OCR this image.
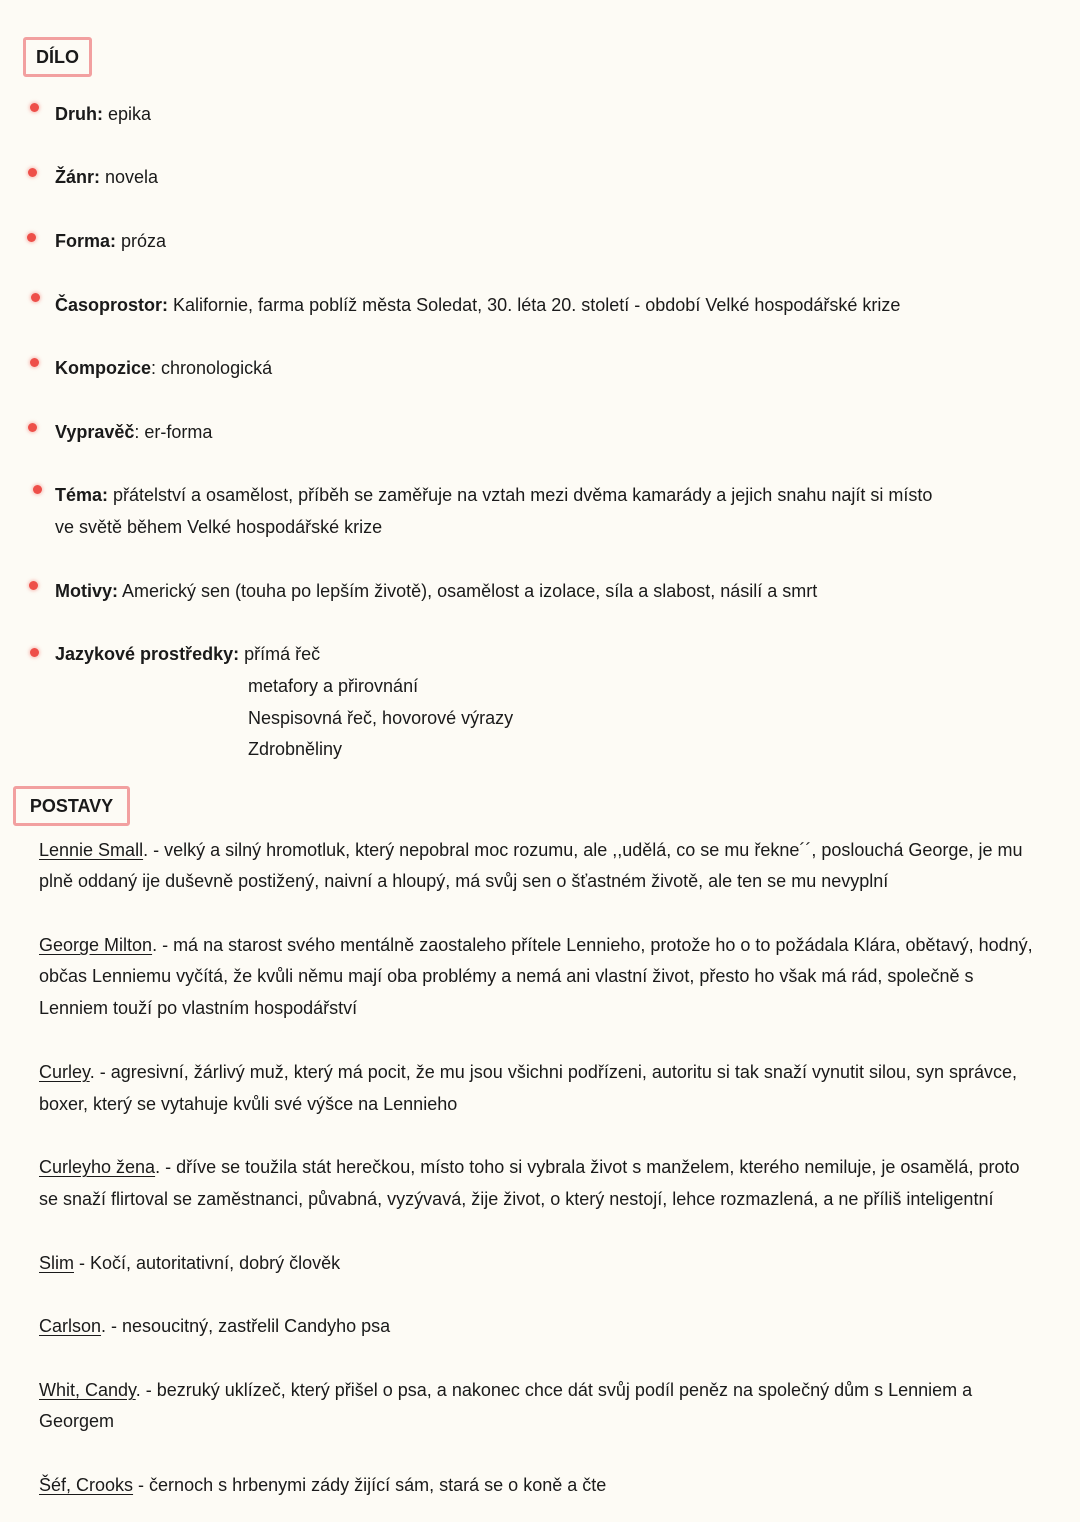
DÍLO
Druh: epika
Žánr: novela
Forma: próza
Časoprostor: Kalifornie, farma poblíž města Soledat, 30. léta 20. století - období Velké hospodářské krize
Kompozice: chronologická
Vypravěč: er-forma
Téma: přátelství a osamělost, příběh se zaměřuje na vztah mezi dvěma kamarády a jejich snahu najít si místo
ve světě během Velké hospodářské krize
Motivy: Americký sen (touha po lepším životě), osamělost a izolace, síla a slabost, násilí a smrt
Jazykové prostředky: přímá řeč
metafory a přirovnání
Nespisovná řeč, hovorové výrazy
Zdrobněliny
POSTAVY
Lennie Small. - velký a silný hromotluk, který nepobral moc rozumu, ale ,,udělá, co se mu řekne´´, poslouchá George, je mu
plně oddaný ije duševně postižený, naivní a hloupý, má svůj sen o šťastném životě, ale ten se mu nevyplní
George Milton. - má na starost svého mentálně zaostaleho přítele Lennieho, protože ho o to požádala Klára, obětavý, hodný,
občas Lenniemu vyčítá, že kvůli němu mají oba problémy a nemá ani vlastní život, přesto ho však má rád, společně s
Lenniem touží po vlastním hospodářství
Curley. - agresivní, žárlivý muž, který má pocit, že mu jsou všichni podřízeni, autoritu si tak snaží vynutit silou, syn správce,
boxer, který se vytahuje kvůli své výšce na Lennieho
Curleyho žena. - dříve se toužila stát herečkou, místo toho si vybrala život s manželem, kterého nemiluje, je osamělá, proto
se snaží flirtoval se zaměstnanci, půvabná, vyzývavá, žije život, o který nestojí, lehce rozmazlená, a ne příliš inteligentní
Slim - Kočí, autoritativní, dobrý člověk
Carlson. - nesoucitný, zastřelil Candyho psa
Whit, Candy. - bezruký uklízeč, který přišel o psa, a nakonec chce dát svůj podíl peněz na společný dům s Lenniem a
Georgem
Šéf, Crooks - černoch s hrbenymi zády žijící sám, stará se o koně a čte
